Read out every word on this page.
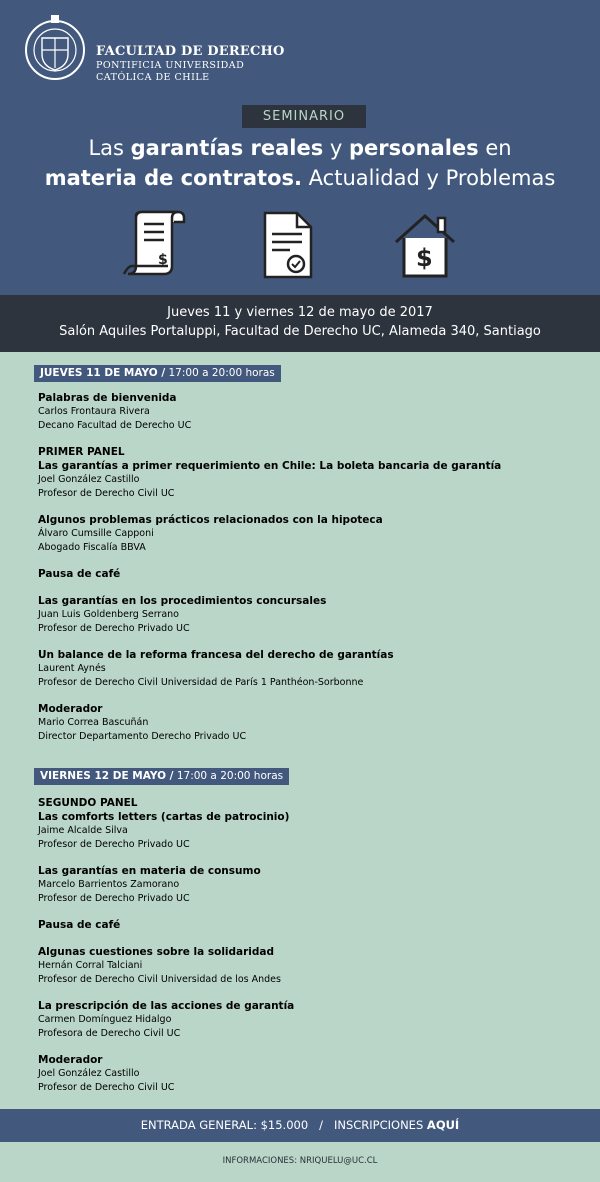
FACULTAD DE DERECHO
PONTIFICIA UNIVERSIDAD
CATÓLICA DE CHILE
SEMINARIO
Las garantías reales y personales en
materia de contratos. Actualidad y Problemas
$	$
Jueves 11 y viernes 12 de mayo de 2017
Salón Aquiles Portaluppi, Facultad de Derecho UC, Alameda 340, Santiago
JUEVES 11 DE MAYO / 17:00 a 20:00 horas
Palabras de bienvenida
Carlos Frontaura Rivera
Decano Facultad de Derecho UC
PRIMER PANEL
Las garantías a primer requerimiento en Chile: La boleta bancaria de garantía
Joel González Castillo
Profesor de Derecho Civil UC
Algunos problemas prácticos relacionados con la hipoteca
Álvaro Cumsille Capponi
Abogado Fiscalía BBVA
Pausa de café
Las garantías en los procedimientos concursales
Juan Luis Goldenberg Serrano
Profesor de Derecho Privado UC
Un balance de la reforma francesa del derecho de garantías
Laurent Aynés
Profesor de Derecho Civil Universidad de París 1 Panthéon-Sorbonne
Moderador
Mario Correa Bascuñán
Director Departamento Derecho Privado UC
VIERNES 12 DE MAYO / 17:00 a 20:00 horas
SEGUNDO PANEL
Las comforts letters (cartas de patrocinio)
Jaime Alcalde Silva
Profesor de Derecho Privado UC
Las garantías en materia de consumo
Marcelo Barrientos Zamorano
Profesor de Derecho Privado UC
Pausa de café
Algunas cuestiones sobre la solidaridad
Hernán Corral Talciani
Profesor de Derecho Civil Universidad de los Andes
La prescripción de las acciones de garantía
Carmen Domínguez Hidalgo
Profesora de Derecho Civil UC
Moderador
Joel González Castillo
Profesor de Derecho Civil UC
ENTRADA GENERAL: $15.000   /   INSCRIPCIONES AQUÍ
INFORMACIONES: NRIQUELU@UC.CL
